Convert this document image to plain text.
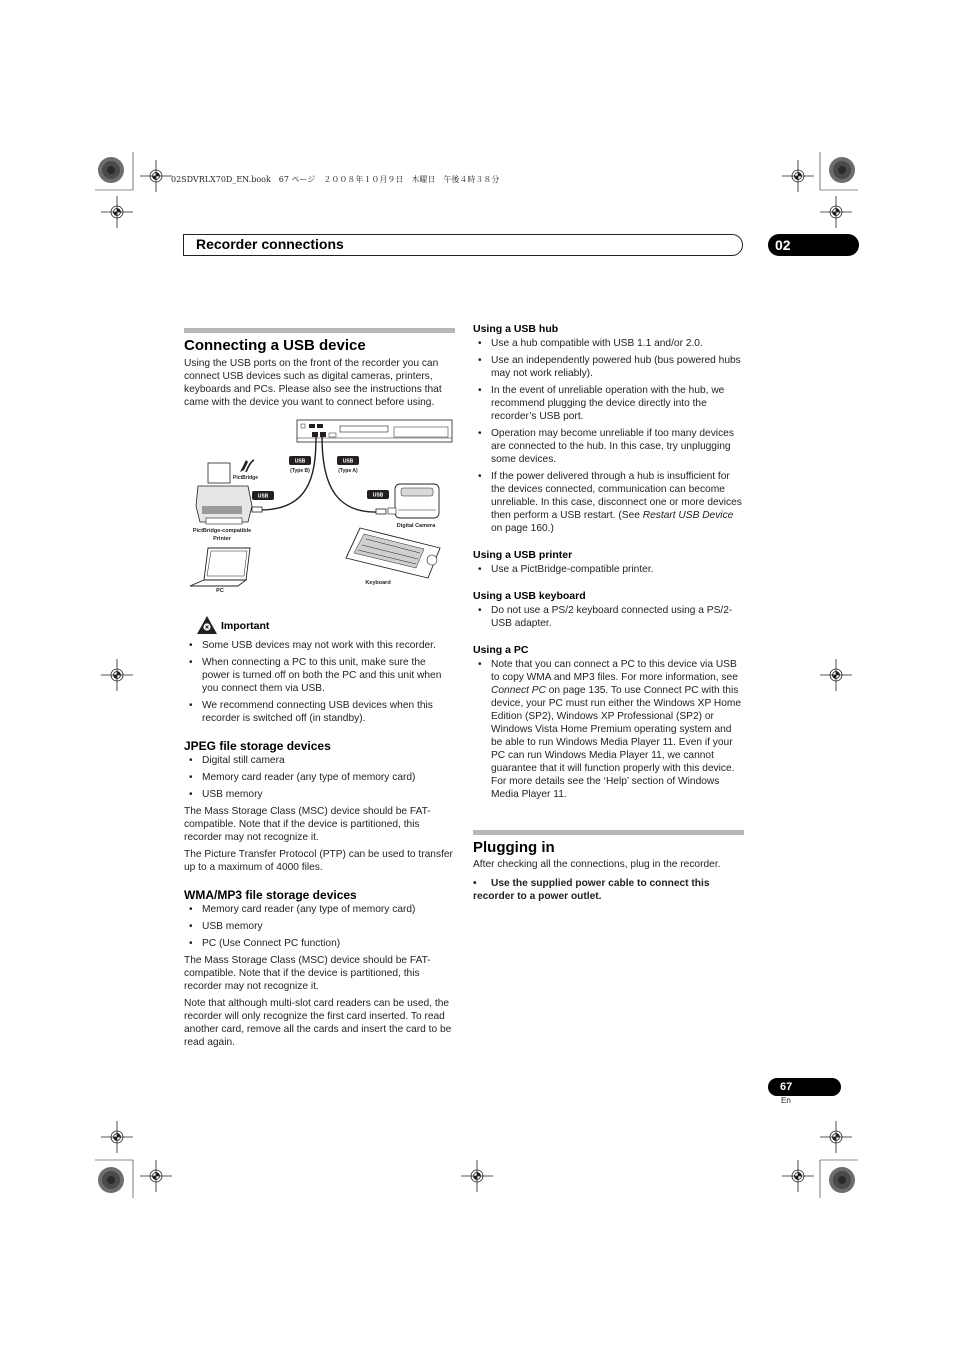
02SDVRLX70D_EN.book　67 ページ　２００８年１０月９日　木曜日　午後４時３８分
Recorder connections	02
Connecting a USB device

Using the USB ports on the front of the recorder you can connect USB devices such as digital cameras, printers, keyboards and PCs. Please also see the instructions that came with the device you want to connect before using.

USB
(Type B)
USB
(Type A)
USB	USB
PictBridge
PictBridge-compatible
Printer
Digital Camera
PC
Keyboard
Important
• Some USB devices may not work with this recorder.
• When connecting a PC to this unit, make sure the power is turned off on both the PC and this unit when you connect them via USB.
• We recommend connecting USB devices when this recorder is switched off (in standby).
JPEG file storage devices
• Digital still camera
• Memory card reader (any type of memory card)
• USB memory

The Mass Storage Class (MSC) device should be FAT-compatible. Note that if the device is partitioned, this recorder may not recognize it.

The Picture Transfer Protocol (PTP) can be used to transfer up to a maximum of 4000 files.

WMA/MP3 file storage devices
• Memory card reader (any type of memory card)
• USB memory
• PC (Use Connect PC function)

The Mass Storage Class (MSC) device should be FAT-compatible. Note that if the device is partitioned, this recorder may not recognize it.

Note that although multi-slot card readers can be used, the recorder will only recognize the first card inserted. To read another card, remove all the cards and insert the card to be read again.

Using a USB hub
• Use a hub compatible with USB 1.1 and/or 2.0.
• Use an independently powered hub (bus powered hubs may not work reliably).
• In the event of unreliable operation with the hub, we recommend plugging the device directly into the recorder’s USB port.
• Operation may become unreliable if too many devices are connected to the hub. In this case, try unplugging some devices.
• If the power delivered through a hub is insufficient for the devices connected, communication can become unreliable. In this case, disconnect one or more devices then perform a USB restart. (See Restart USB Device on page 160.)
Using a USB printer
• Use a PictBridge-compatible printer.
Using a USB keyboard
• Do not use a PS/2 keyboard connected using a PS/2-USB adapter.
Using a PC
• Note that you can connect a PC to this device via USB to copy WMA and MP3 files. For more information, see Connect PC on page 135. To use Connect PC with this device, your PC must run either the Windows XP Home Edition (SP2), Windows XP Professional (SP2) or Windows Vista Home Premium operating system and be able to run Windows Media Player 11. Even if your PC can run Windows Media Player 11, we cannot guarantee that it will function properly with this device. For more details see the ‘Help’ section of Windows Media Player 11.
Plugging in
After checking all the connections, plug in the recorder.
• Use the supplied power cable to connect this recorder to a power outlet.
67
En
